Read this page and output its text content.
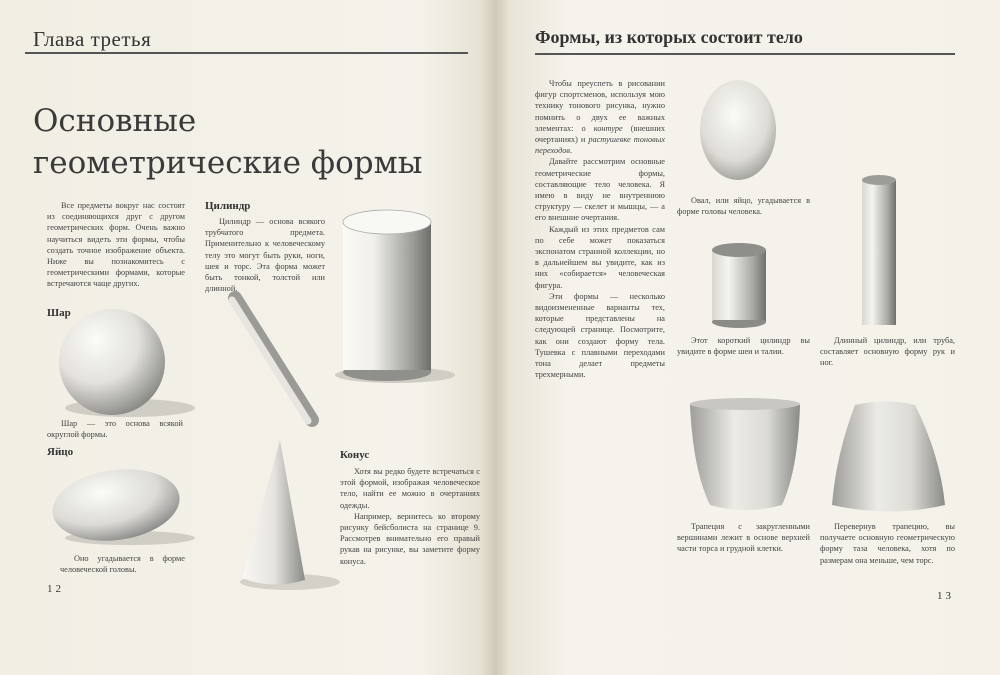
Глава третья
Основные геометрические формы

Все предметы вокруг нас состоят из соединяющихся друг с другом геометрических форм. Очень важно научиться видеть эти формы, чтобы создать точное изображение объекта. Ниже вы познакомитесь с геометрическими формами, которые встречаются чаще других.

Цилиндр

Цилиндр — основа всякого трубчатого предмета. Применительно к человеческому телу это могут быть руки, ноги, шея и торс. Эта форма может быть тонкой, толстой или длинной.

Шар

Шар — это основа всякой округлой формы.

Яйцо

Оно угадывается в форме человеческой головы.

Конус

Хотя вы редко будете встречаться с этой формой, изображая человеческое тело, найти ее можно в очертаниях одежды.

Например, вернитесь ко второму рисунку бейсболиста на странице 9. Рассмотрев внимательно его правый рукав на рисунке, вы заметите форму конуса.

12
Формы, из которых состоит тело

Чтобы преуспеть в рисовании фигур спортсменов, используя мою технику тонового рисунка, нужно помнить о двух ее важных элементах: о контуре (внешних очертаниях) и растушевке тоновых переходов.

Давайте рассмотрим основные геометрические формы, составляющие тело человека. Я имею в виду не внутреннюю структуру — скелет и мышцы, — а его внешние очертания.

Каждый из этих предметов сам по себе может показаться экспонатом странной коллекции, но в дальнейшем вы увидите, как из них «собирается» человеческая фигура.

Эти формы — несколько видоизмененные варианты тех, которые представлены на следующей странице. Посмотрите, как они создают форму тела. Тушевка с плавными переходами тона делает предметы трехмерными.

Овал, или яйцо, угадывается в форме головы человека.

Этот короткий цилиндр вы увидите в форме шеи и талии.

Длинный цилиндр, или труба, составляет основную форму рук и ног.

Трапеция с закругленными вершинами лежит в основе верхней части торса и грудной клетки.

Перевернув трапецию, вы получаете основную геометрическую форму таза человека, хотя по размерам она меньше, чем торс.

13
